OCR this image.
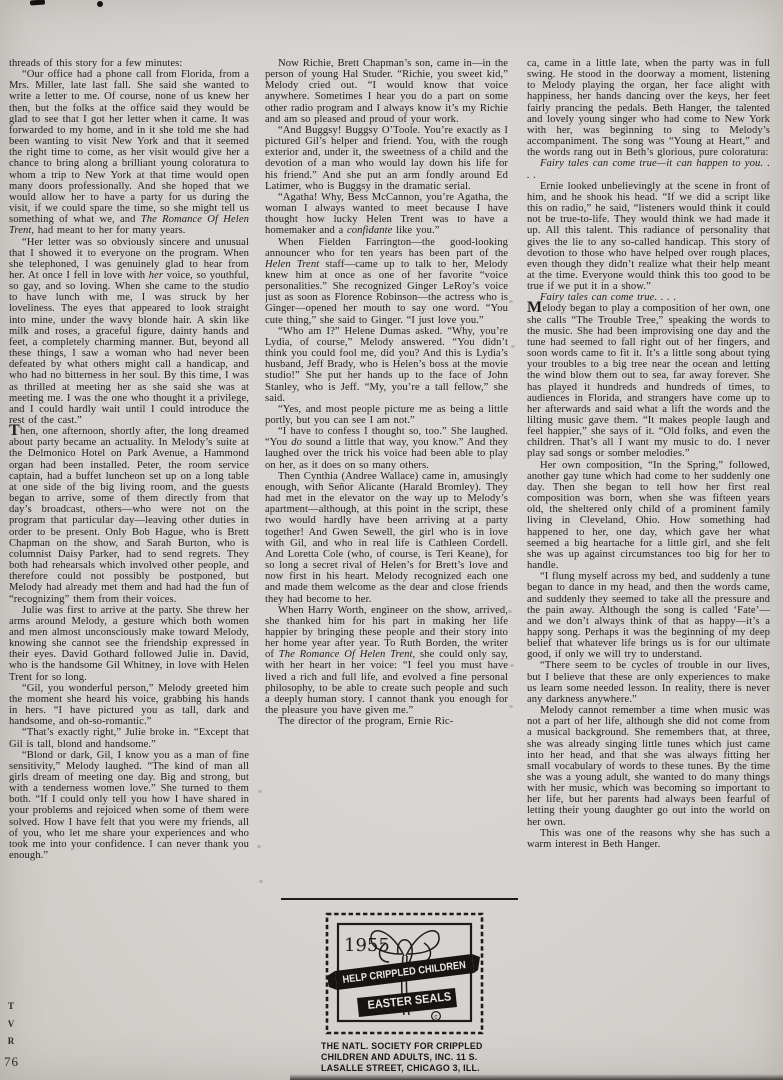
threads of this story for a few minutes:

“Our office had a phone call from Florida, from a Mrs. Miller, late last fall. She said she wanted to write a letter to me. Of course, none of us knew her then, but the folks at the office said they would be glad to see that I got her letter when it came. It was forwarded to my home, and in it she told me she had been wanting to visit New York and that it seemed the right time to come, as her visit would give her a chance to bring along a brilliant young coloratura to whom a trip to New York at that time would open many doors professionally. And she hoped that we would allow her to have a party for us during the visit, if we could spare the time, so she might tell us something of what we, and The Romance Of Helen Trent, had meant to her for many years.

“Her letter was so obviously sincere and unusual that I showed it to everyone on the program. When she telephoned, I was genuinely glad to hear from her. At once I fell in love with her voice, so youthful, so gay, and so loving. When she came to the studio to have lunch with me, I was struck by her loveliness. The eyes that appeared to look straight into mine, under the wavy blonde hair. A skin like milk and roses, a graceful figure, dainty hands and feet, a completely charming manner. But, beyond all these things, I saw a woman who had never been defeated by what others might call a handicap, and who had no bitterness in her soul. By this time, I was as thrilled at meeting her as she said she was at meeting me. I was the one who thought it a privilege, and I could hardly wait until I could introduce the rest of the cast.”

Then, one afternoon, shortly after, the long dreamed about party became an actuality. In Melody’s suite at the Delmonico Hotel on Park Avenue, a Hammond organ had been installed. Peter, the room service captain, had a buffet luncheon set up on a long table at one side of the big living room, and the guests began to arrive, some of them directly from that day’s broadcast, others—who were not on the program that particular day—leaving other duties in order to be present. Only Bob Hague, who is Brett Chapman on the show, and Sarah Burton, who is columnist Daisy Parker, had to send regrets. They both had rehearsals which involved other people, and therefore could not possibly be postponed, but Melody had already met them and had had the fun of “recognizing” them from their voices.

Julie was first to arrive at the party. She threw her arms around Melody, a gesture which both women and men almost unconsciously make toward Melody, knowing she cannot see the friendship expressed in their eyes. David Gothard followed Julie in. David, who is the handsome Gil Whitney, in love with Helen Trent for so long.

“Gil, you wonderful person,” Melody greeted him the moment she heard his voice, grabbing his hands in hers. “I have pictured you as tall, dark and handsome, and oh-so-romantic.”

“That’s exactly right,” Julie broke in. “Except that Gil is tall, blond and handsome.”

“Blond or dark, Gil, I know you as a man of fine sensitivity,” Melody laughed. “The kind of man all girls dream of meeting one day. Big and strong, but with a tenderness women love.” She turned to them both. “If I could only tell you how I have shared in your problems and rejoiced when some of them were solved. How I have felt that you were my friends, all of you, who let me share your experiences and who took me into your confidence. I can never thank you enough.”

Now Richie, Brett Chapman’s son, came in—in the person of young Hal Studer. “Richie, you sweet kid,” Melody cried out. “I would know that voice anywhere. Sometimes I hear you do a part on some other radio program and I always know it’s my Richie and am so pleased and proud of your work.

“And Buggsy! Buggsy O’Toole. You’re exactly as I pictured Gil’s helper and friend. You, with the rough exterior and, under it, the sweetness of a child and the devotion of a man who would lay down his life for his friend.” And she put an arm fondly around Ed Latimer, who is Buggsy in the dramatic serial.

“Agatha! Why, Bess McCannon, you’re Agatha, the woman I always wanted to meet because I have thought how lucky Helen Trent was to have a homemaker and a confidante like you.”

When Fielden Farrington—the good-looking announcer who for ten years has been part of the Helen Trent staff—came up to talk to her, Melody knew him at once as one of her favorite “voice personalities.” She recognized Ginger LeRoy’s voice just as soon as Florence Robinson—the actress who is Ginger—opened her mouth to say one word. “You cute thing,” she said to Ginger. “I just love you.”

“Who am I?” Helene Dumas asked. “Why, you’re Lydia, of course,” Melody answered. “You didn’t think you could fool me, did you? And this is Lydia’s husband, Jeff Brady, who is Helen’s boss at the movie studio!” She put her hands up to the face of John Stanley, who is Jeff. “My, you’re a tall fellow,” she said.

“Yes, and most people picture me as being a little portly, but you can see I am not.”

“I have to confess I thought so, too.” She laughed. “You do sound a little that way, you know.” And they laughed over the trick his voice had been able to play on her, as it does on so many others.

Then Cynthia (Andree Wallace) came in, amusingly enough, with Señor Alicante (Harald Bromley). They had met in the elevator on the way up to Melody’s apartment—although, at this point in the script, these two would hardly have been arriving at a party together! And Gwen Sewell, the girl who is in love with Gil, and who in real life is Cathleen Cordell. And Loretta Cole (who, of course, is Teri Keane), for so long a secret rival of Helen’s for Brett’s love and now first in his heart. Melody recognized each one and made them welcome as the dear and close friends they had become to her.

When Harry Worth, engineer on the show, arrived, she thanked him for his part in making her life happier by bringing these people and their story into her home year after year. To Ruth Borden, the writer of The Romance Of Helen Trent, she could only say, with her heart in her voice: “I feel you must have lived a rich and full life, and evolved a fine personal philosophy, to be able to create such people and such a deeply human story. I cannot thank you enough for the pleasure you have given me.”

The director of the program, Ernie Ric-

ca, came in a little late, when the party was in full swing. He stood in the doorway a moment, listening to Melody playing the organ, her face alight with happiness, her hands dancing over the keys, her feet fairly prancing the pedals. Beth Hanger, the talented and lovely young singer who had come to New York with her, was beginning to sing to Melody’s accompaniment. The song was “Young at Heart,” and the words rang out in Beth’s glorious, pure coloratura:

Fairy tales can come true—it can happen to you. . . .

Ernie looked unbelievingly at the scene in front of him, and he shook his head. “If we did a script like this on radio,” he said, “listeners would think it could not be true-to-life. They would think we had made it up. All this talent. This radiance of personality that gives the lie to any so-called handicap. This story of devotion to those who have helped over rough places, even though they didn’t realize what their help meant at the time. Everyone would think this too good to be true if we put it in a show.”

Fairy tales can come true. . . .

Melody began to play a composition of her own, one she calls “The Trouble Tree,” speaking the words to the music. She had been improvising one day and the tune had seemed to fall right out of her fingers, and soon words came to fit it. It’s a little song about tying your troubles to a big tree near the ocean and letting the wind blow them out to sea, far away forever. She has played it hundreds and hundreds of times, to audiences in Florida, and strangers have come up to her afterwards and said what a lift the words and the lilting music gave them. “It makes people laugh and feel happier,” she says of it. “Old folks, and even the children. That’s all I want my music to do. I never play sad songs or somber melodies.”

Her own composition, “In the Spring,” followed, another gay tune which had come to her suddenly one day. Then she began to tell how her first real composition was born, when she was fifteen years old, the sheltered only child of a prominent family living in Cleveland, Ohio. How something had happened to her, one day, which gave her what seemed a big heartache for a little girl, and she felt she was up against circumstances too big for her to handle.

“I flung myself across my bed, and suddenly a tune began to dance in my head, and then the words came, and suddenly they seemed to take all the pressure and the pain away. Although the song is called ‘Fate’—and we don’t always think of that as happy—it’s a happy song. Perhaps it was the beginning of my deep belief that whatever life brings us is for our ultimate good, if only we will try to understand.

“There seem to be cycles of trouble in our lives, but I believe that these are only experiences to make us learn some needed lesson. In reality, there is never any darkness anywhere.”

Melody cannot remember a time when music was not a part of her life, although she did not come from a musical background. She remembers that, at three, she was already singing little tunes which just came into her head, and that she was always fitting her small vocabulary of words to these tunes. By the time she was a young adult, she wanted to do many things with her music, which was becoming so important to her life, but her parents had always been fearful of letting their young daughter go out into the world on her own.

This was one of the reasons why she has such a warm interest in Beth Hanger.

1955
HELP CRIPPLED CHILDREN
EASTER SEALS
c
THE NATL. SOCIETY FOR CRIPPLED
CHILDREN AND ADULTS, INC. 11 S.
LASALLE STREET, CHICAGO 3, ILL.
T
V
R
76
